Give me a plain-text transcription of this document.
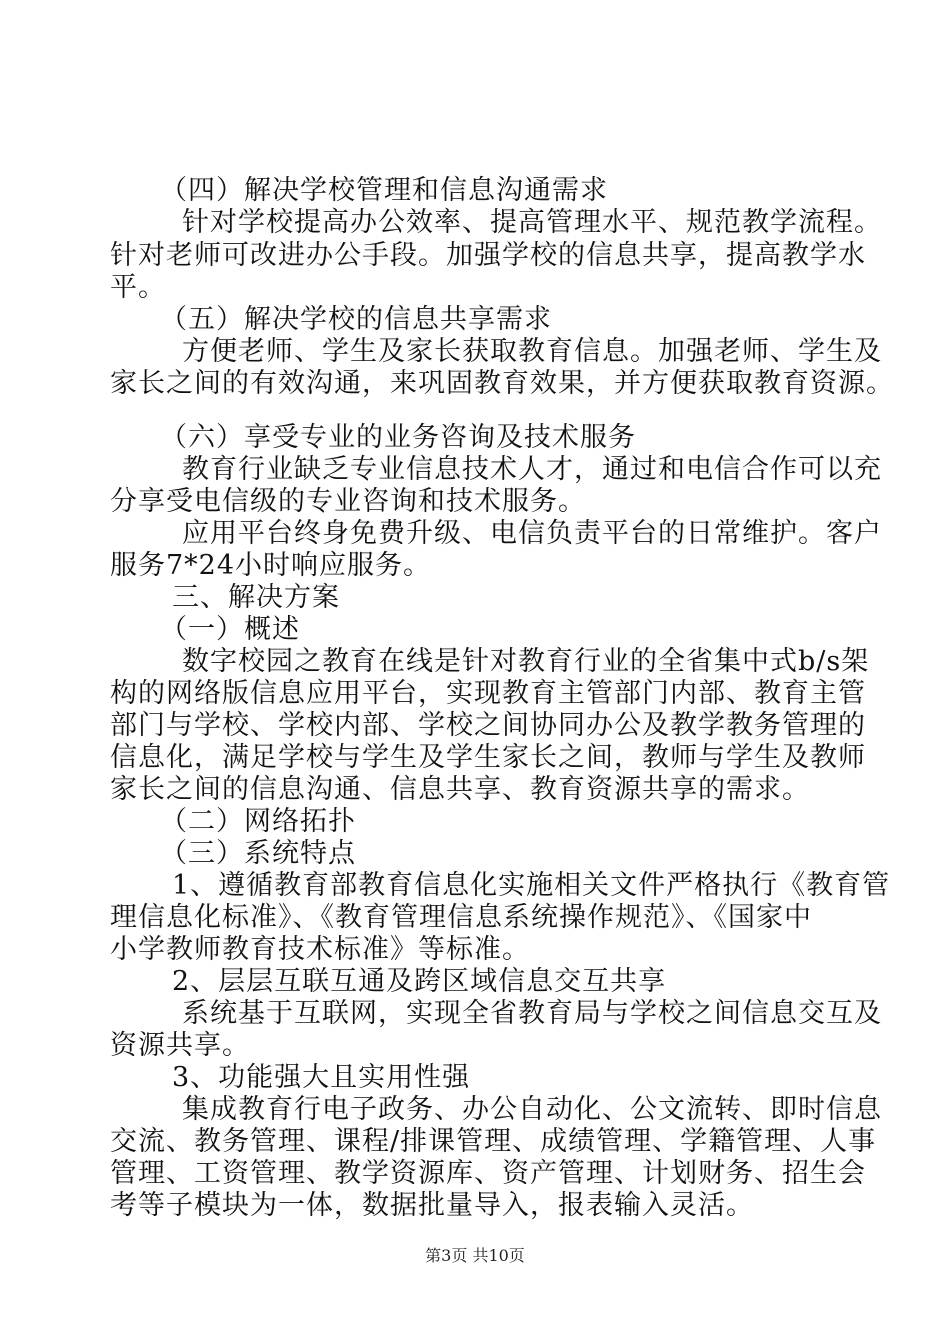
（四）解决学校管理和信息沟通需求
针对学校提高办公效率、提高管理水平、规范教学流程。
针对老师可改进办公手段。加强学校的信息共享，提高教学水
平。
（五）解决学校的信息共享需求
方便老师、学生及家长获取教育信息。加强老师、学生及
家长之间的有效沟通，来巩固教育效果，并方便获取教育资源。
（六）享受专业的业务咨询及技术服务
教育行业缺乏专业信息技术人才，通过和电信合作可以充
分享受电信级的专业咨询和技术服务。
应用平台终身免费升级、电信负责平台的日常维护。客户
服务7*24小时响应服务。
三、解决方案
（一）概述
数字校园之教育在线是针对教育行业的全省集中式b/s架
构的网络版信息应用平台，实现教育主管部门内部、教育主管
部门与学校、学校内部、学校之间协同办公及教学教务管理的
信息化，满足学校与学生及学生家长之间，教师与学生及教师
家长之间的信息沟通、信息共享、教育资源共享的需求。
（二）网络拓扑
（三）系统特点
1、遵循教育部教育信息化实施相关文件严格执行《教育管
理信息化标准》、《教育管理信息系统操作规范》、《国家中
小学教师教育技术标准》等标准。
2、层层互联互通及跨区域信息交互共享
系统基于互联网，实现全省教育局与学校之间信息交互及
资源共享。
3、功能强大且实用性强
集成教育行电子政务、办公自动化、公文流转、即时信息
交流、教务管理、课程/排课管理、成绩管理、学籍管理、人事
管理、工资管理、教学资源库、资产管理、计划财务、招生会
考等子模块为一体，数据批量导入，报表输入灵活。
第3页 共10页
